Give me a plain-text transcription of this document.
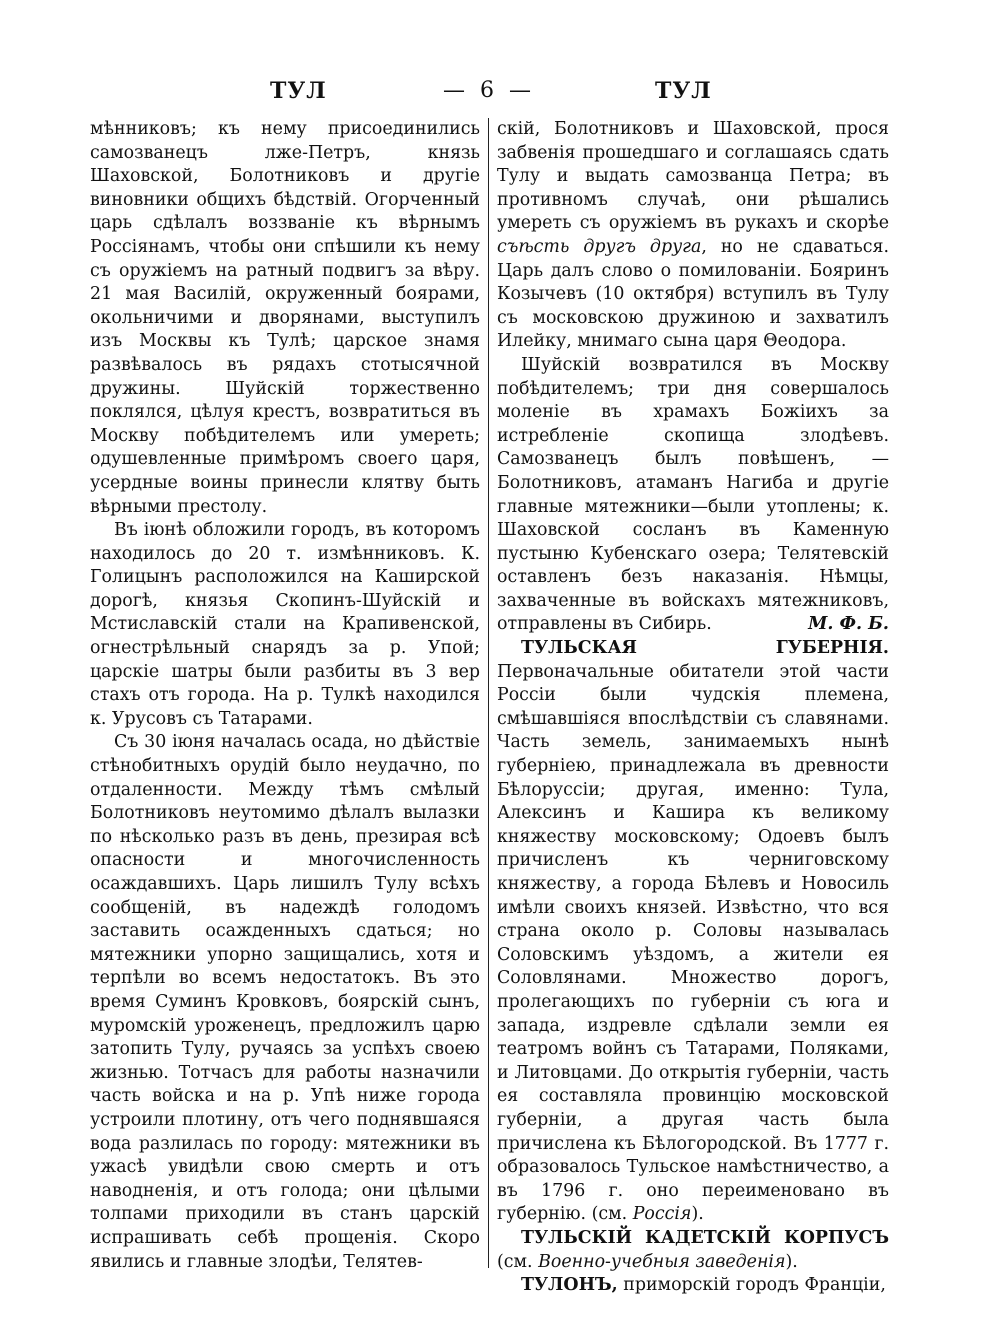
ТУЛ	— 6 —	ТУЛ

мѣнниковъ; къ нему присоединились самозванецъ лже-Петръ, князь Шаховской, Болотниковъ и другіе виновники общихъ бѣдствій. Огорченный царь сдѣлалъ воззваніе къ вѣрнымъ Россіянамъ, чтобы они спѣшили къ нему съ оружіемъ на ратный подвигъ за вѣру. 21 мая Василій, окруженный боярами, окольничими и дворянами, выступилъ изъ Москвы къ Тулѣ; царское знамя развѣвалось въ рядахъ стотысячной дружины. Шуйскій торжественно поклялся, цѣлуя крестъ, возвратиться въ Москву побѣдителемъ или умереть; одушевленные примѣромъ своего царя, усердные воины принесли клятву быть вѣрными престолу.

Въ іюнѣ обложили городъ, въ которомъ находилось до 20 т. измѣнниковъ. К. Голицынъ расположился на Каширской дорогѣ, князья Скопинъ-Шуйскій и Мстиславскій стали на Крапивенской, огнестрѣльный снарядъ за р. Упой; царскіе шатры были разбиты въ 3 вер стахъ отъ города. На р. Тулкѣ находился к. Урусовъ съ Татарами.

Съ 30 іюня началась осада, но дѣйствіе стѣнобитныхъ орудій было неудачно, по отдаленности. Между тѣмъ смѣлый Болотниковъ неутомимо дѣлалъ вылазки по нѣсколько разъ въ день, презирая всѣ опасности и многочисленность осаждавшихъ. Царь лишилъ Тулу всѣхъ сообщеній, въ надеждѣ голодомъ заставить осажденныхъ сдаться; но мятежники упорно защищались, хотя и терпѣли во всемъ недостатокъ. Въ это время Суминъ Кровковъ, боярскій сынъ, муромскій уроженецъ, предложилъ царю затопить Тулу, ручаясь за успѣхъ своею жизнью. Тотчасъ для работы назначили часть войска и на р. Упѣ ниже города устроили плотину, отъ чего поднявшаяся вода разлилась по городу: мятежники въ ужасѣ увидѣли свою смерть и отъ наводненія, и отъ голода; они цѣлыми толпами приходили въ станъ царскій испрашивать себѣ прощенія. Скоро явились и главные злодѣи, Телятев-

скій, Болотниковъ и Шаховской, прося забвенія прошедшаго и соглашаясь сдать Тулу и выдать самозванца Петра; въ противномъ случаѣ, они рѣшались умереть съ оружіемъ въ рукахъ и скорѣе съѣсть другъ друга, но не сдаваться. Царь далъ слово о помилованіи. Бояринъ Козычевъ (10 октября) вступилъ въ Тулу съ московскою дружиною и захватилъ Илейку, мнимаго сына царя Θеодора.

Шуйскій возвратился въ Москву побѣдителемъ; три дня совершалось моленіе въ храмахъ Божіихъ за истребленіе скопища злодѣевъ. Самозванецъ былъ повѣшенъ, — Болотниковъ, атаманъ Нагиба и другіе главные мятежники—были утоплены; к. Шаховской сосланъ въ Каменную пустыню Кубенскаго озера; Телятевскій оставленъ безъ наказанія. Нѣмцы, захваченные въ войскахъ мятежниковъ, отправлены въ Сибирь.	М. Ф. Б.

ТУЛЬСКАЯ ГУБЕРНІЯ. Первоначальные обитатели этой части Россіи были чудскія племена, смѣшавшіяся впослѣдствіи съ славянами. Часть земель, занимаемыхъ нынѣ губерніею, принадлежала въ древности Бѣлоруссіи; другая, именно: Тула, Алексинъ и Кашира къ великому княжеству московскому; Одоевъ былъ причисленъ къ черниговскому княжеству, а города Бѣлевъ и Новосиль имѣли своихъ князей. Извѣстно, что вся страна около р. Соловы называлась Соловскимъ уѣздомъ, а жители ея Соловлянами. Множество дорогъ, пролегающихъ по губерніи съ юга и запада, издревле сдѣлали земли ея театромъ войнъ съ Татарами, Поляками, и Литовцами. До открытія губерніи, часть ея составляла провинцію московской губерніи, а другая часть была причислена къ Бѣлогородской. Въ 1777 г. образовалось Тульское намѣстничество, а въ 1796 г. оно переименовано въ губернію. (см. Россія).

ТУЛЬСКІЙ КАДЕТСКІЙ КОРПУСЪ (см. Военно-учебныя заведенія).

ТУЛОНЪ, приморскій городъ Франціи,
